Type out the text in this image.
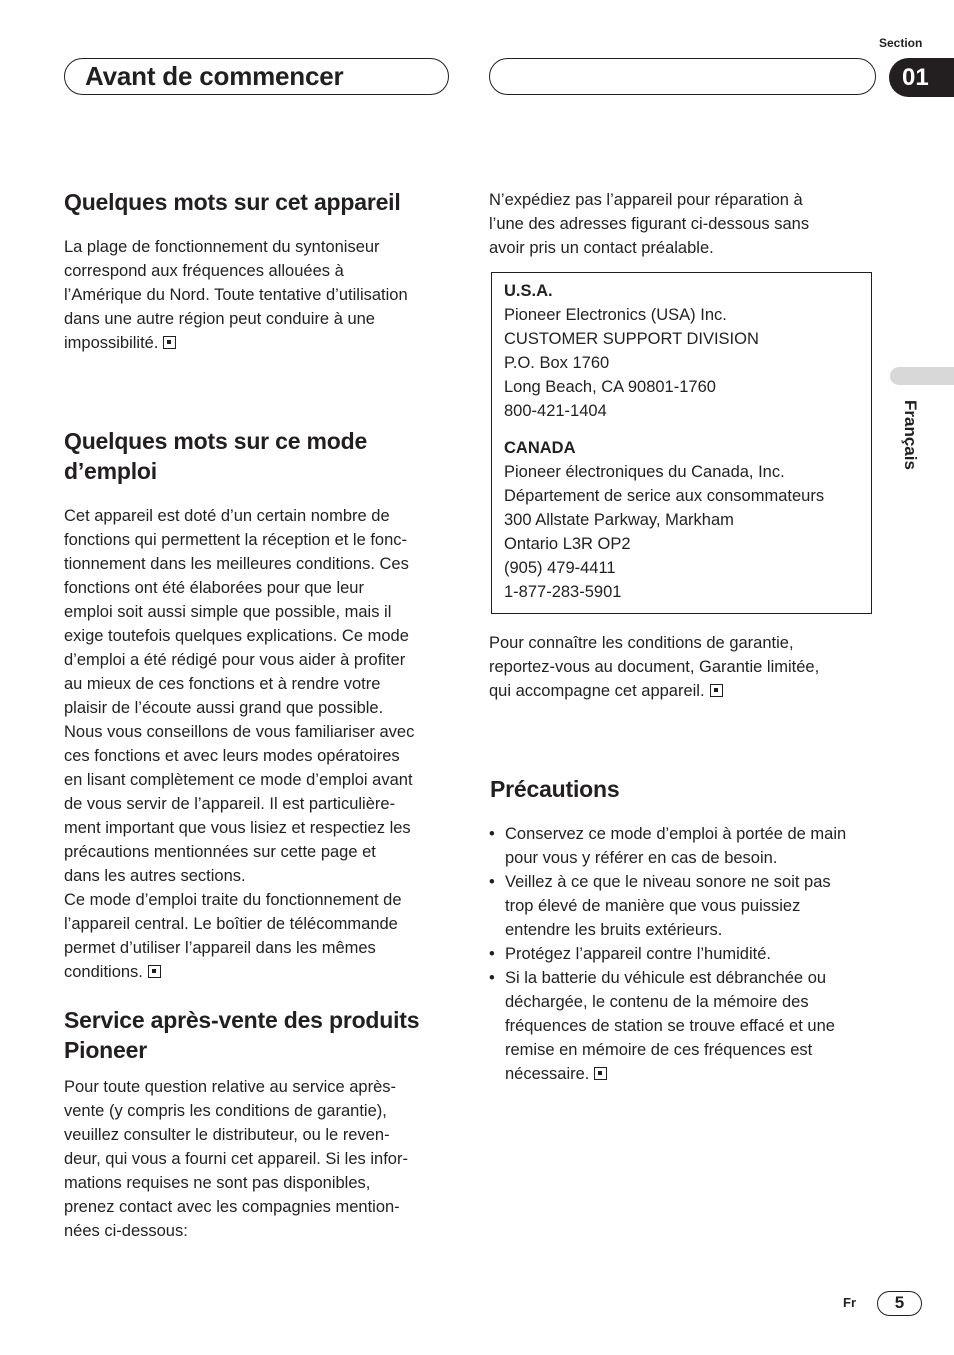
Section
Avant de commencer	01
Français
Quelques mots sur cet appareil

La plage de fonctionnement du syntoniseur
correspond aux fréquences allouées à
l’Amérique du Nord. Toute tentative d’utilisation
dans une autre région peut conduire à une
impossibilité.

Quelques mots sur ce mode
d’emploi

Cet appareil est doté d’un certain nombre de
fonctions qui permettent la réception et le fonc-
tionnement dans les meilleures conditions. Ces
fonctions ont été élaborées pour que leur
emploi soit aussi simple que possible, mais il
exige toutefois quelques explications. Ce mode
d’emploi a été rédigé pour vous aider à profiter
au mieux de ces fonctions et à rendre votre
plaisir de l’écoute aussi grand que possible.
Nous vous conseillons de vous familiariser avec
ces fonctions et avec leurs modes opératoires
en lisant complètement ce mode d’emploi avant
de vous servir de l’appareil. Il est particulière-
ment important que vous lisiez et respectiez les
précautions mentionnées sur cette page et
dans les autres sections.
Ce mode d’emploi traite du fonctionnement de
l’appareil central. Le boîtier de télécommande
permet d’utiliser l’appareil dans les mêmes
conditions.

Service après-vente des produits
Pioneer

Pour toute question relative au service après-
vente (y compris les conditions de garantie),
veuillez consulter le distributeur, ou le reven-
deur, qui vous a fourni cet appareil. Si les infor-
mations requises ne sont pas disponibles,
prenez contact avec les compagnies mention-
nées ci-dessous:

N’expédiez pas l’appareil pour réparation à
l’une des adresses figurant ci-dessous sans
avoir pris un contact préalable.

U.S.A.
Pioneer Electronics (USA) Inc.
CUSTOMER SUPPORT DIVISION
P.O. Box 1760
Long Beach, CA 90801-1760
800-421-1404
CANADA
Pioneer électroniques du Canada, Inc.
Département de serice aux consommateurs
300 Allstate Parkway, Markham
Ontario L3R OP2
(905) 479-4411
1-877-283-5901

Pour connaître les conditions de garantie,
reportez-vous au document, Garantie limitée,
qui accompagne cet appareil.

Précautions
• Conservez ce mode d’emploi à portée de main
pour vous y référer en cas de besoin.
• Veillez à ce que le niveau sonore ne soit pas
trop élevé de manière que vous puissiez
entendre les bruits extérieurs.
• Protégez l’appareil contre l’humidité.
• Si la batterie du véhicule est débranchée ou
déchargée, le contenu de la mémoire des
fréquences de station se trouve effacé et une
remise en mémoire de ces fréquences est
nécessaire.
Fr	5
